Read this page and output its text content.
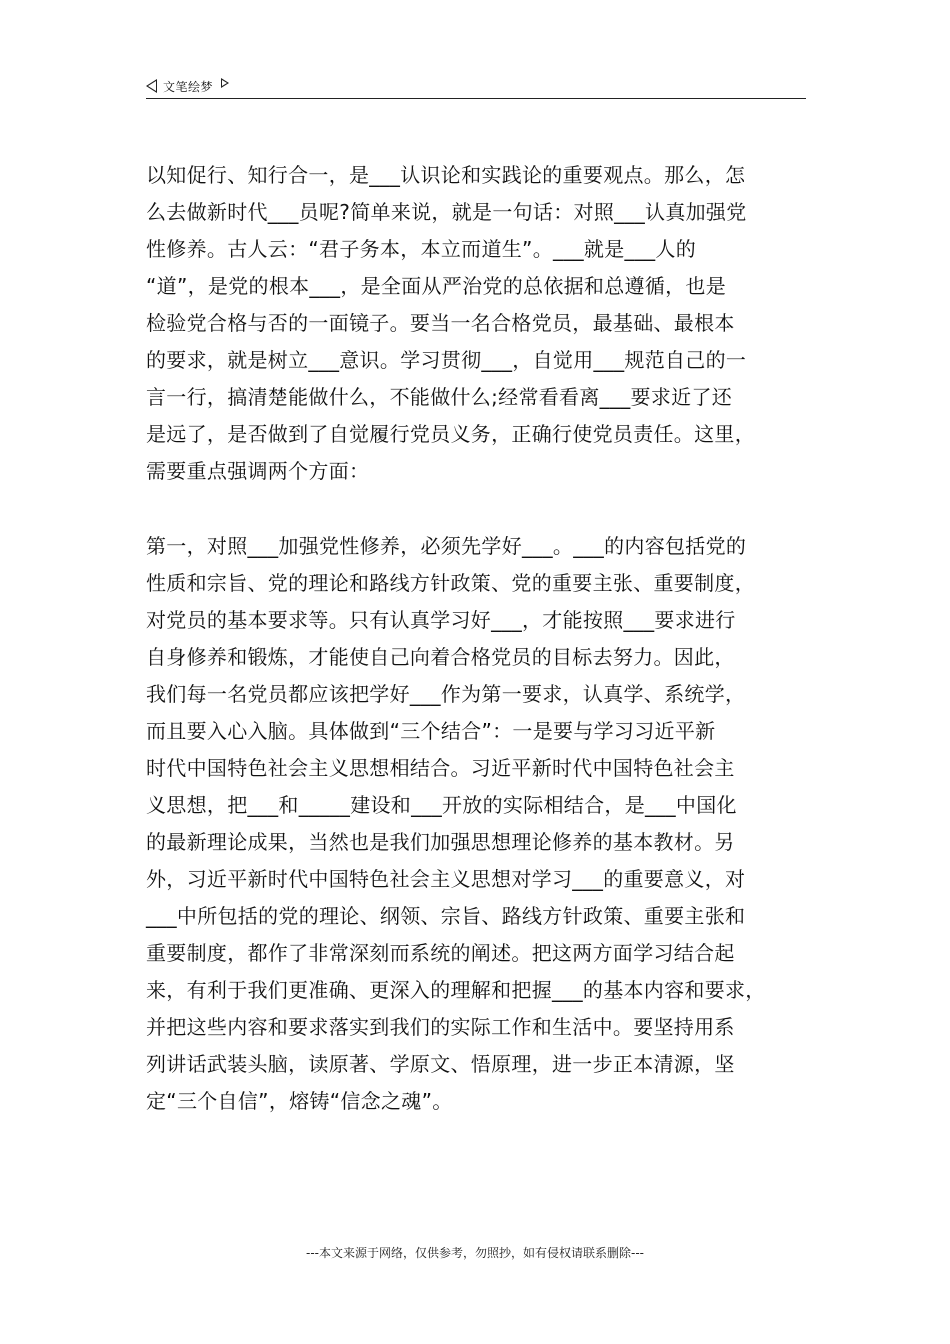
文笔绘梦
以知促行、知行合一，是___认识论和实践论的重要观点。那么，怎
么去做新时代___员呢?简单来说，就是一句话：对照___认真加强党
性修养。古人云：“君子务本，本立而道生”。___就是___人的
“道”，是党的根本___，是全面从严治党的总依据和总遵循，也是
检验党合格与否的一面镜子。要当一名合格党员，最基础、最根本
的要求，就是树立___意识。学习贯彻___，自觉用___规范自己的一
言一行，搞清楚能做什么，不能做什么;经常看看离___要求近了还
是远了，是否做到了自觉履行党员义务，正确行使党员责任。这里，
需要重点强调两个方面：
第一，对照___加强党性修养，必须先学好___。___的内容包括党的
性质和宗旨、党的理论和路线方针政策、党的重要主张、重要制度，
对党员的基本要求等。只有认真学习好___，才能按照___要求进行
自身修养和锻炼，才能使自己向着合格党员的目标去努力。因此，
我们每一名党员都应该把学好___作为第一要求，认真学、系统学，
而且要入心入脑。具体做到“三个结合”：一是要与学习习近平新
时代中国特色社会主义思想相结合。习近平新时代中国特色社会主
义思想，把___和_____建设和___开放的实际相结合，是___中国化
的最新理论成果，当然也是我们加强思想理论修养的基本教材。另
外，习近平新时代中国特色社会主义思想对学习___的重要意义，对
___中所包括的党的理论、纲领、宗旨、路线方针政策、重要主张和
重要制度，都作了非常深刻而系统的阐述。把这两方面学习结合起
来，有利于我们更准确、更深入的理解和把握___的基本内容和要求，
并把这些内容和要求落实到我们的实际工作和生活中。要坚持用系
列讲话武装头脑，读原著、学原文、悟原理，进一步正本清源，坚
定“三个自信”，熔铸“信念之魂”。
---本文来源于网络，仅供参考，勿照抄，如有侵权请联系删除---
